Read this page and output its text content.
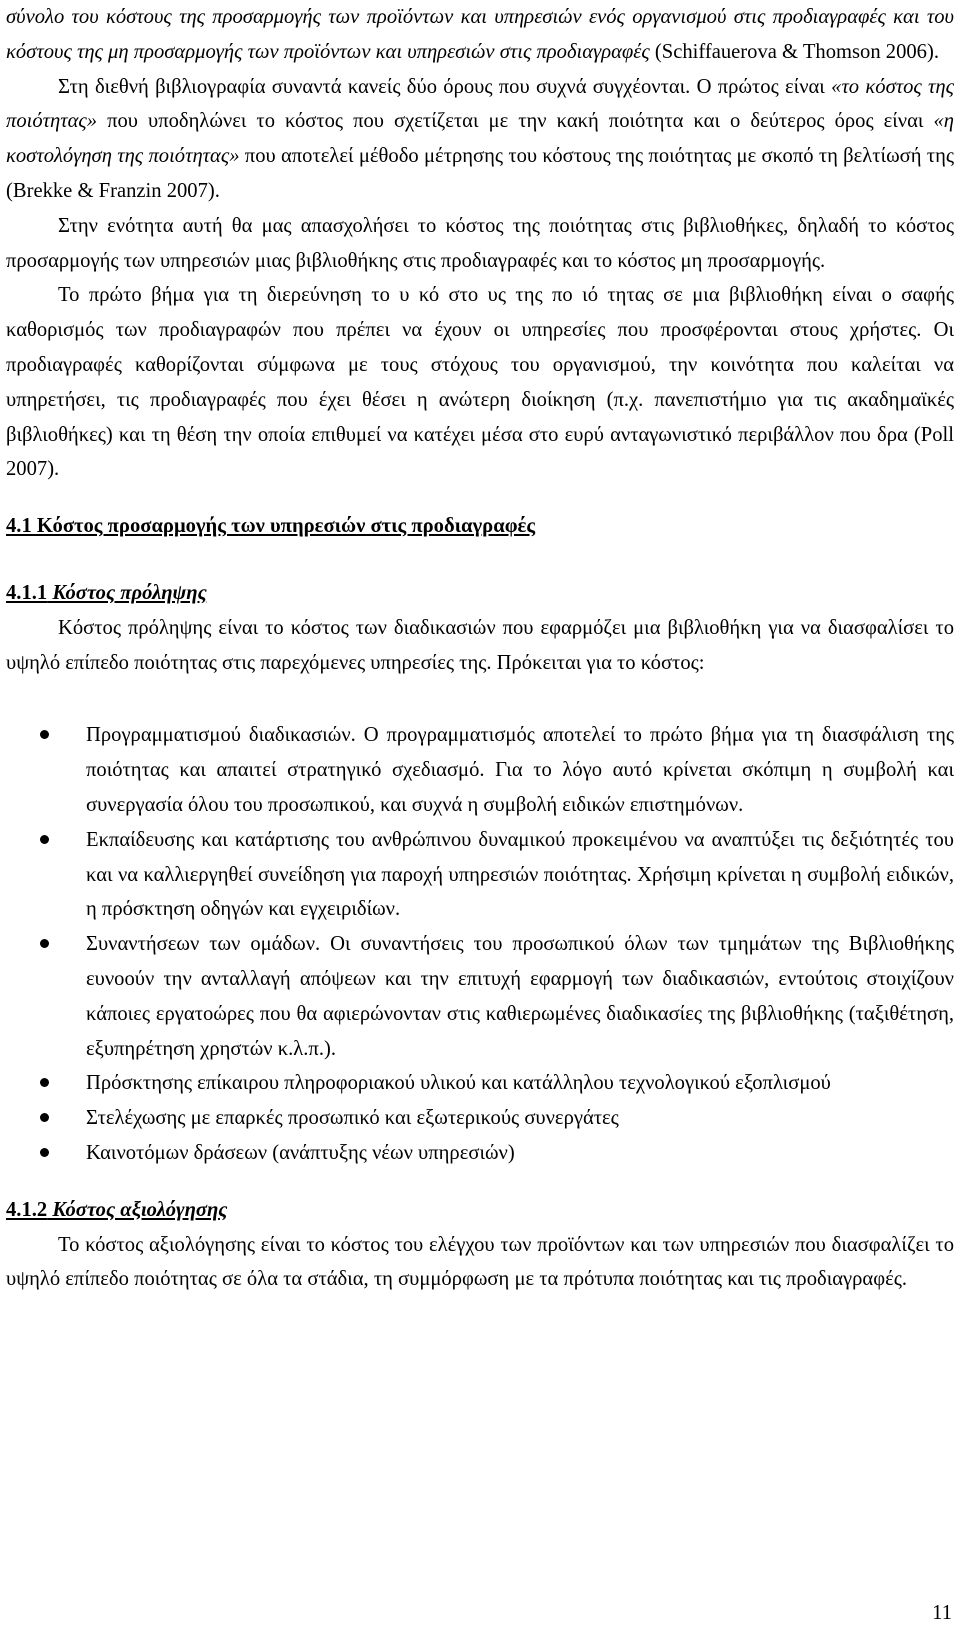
σύνολο του κόστους της προσαρμογής των προϊόντων και υπηρεσιών ενός οργανισμού στις προδιαγραφές και του κόστους της μη προσαρμογής των προϊόντων και υπηρεσιών στις προδιαγραφές (Schiffauerova & Thomson 2006).

Στη διεθνή βιβλιογραφία συναντά κανείς δύο όρους που συχνά συγχέονται. Ο πρώτος είναι «το κόστος της ποιότητας» που υποδηλώνει το κόστος που σχετίζεται με την κακή ποιότητα και ο δεύτερος όρος είναι «η κοστολόγηση της ποιότητας» που αποτελεί μέθοδο μέτρησης του κόστους της ποιότητας με σκοπό τη βελτίωσή της (Brekke & Franzin 2007).

Στην ενότητα αυτή θα μας απασχολήσει το κόστος της ποιότητας στις βιβλιοθήκες, δηλαδή το κόστος προσαρμογής των υπηρεσιών μιας βιβλιοθήκης στις προδιαγραφές και το κόστος μη προσαρμογής.

Το πρώτο βήμα για τη διερεύνηση το υ κό στο υς της πο ιό τητας σε μια βιβλιοθήκη είναι ο σαφής καθορισμός των προδιαγραφών που πρέπει να έχουν οι υπηρεσίες που προσφέρονται στους χρήστες. Οι προδιαγραφές καθορίζονται σύμφωνα με τους στόχους του οργανισμού, την κοινότητα που καλείται να υπηρετήσει, τις προδιαγραφές που έχει θέσει η ανώτερη διοίκηση (π.χ. πανεπιστήμιο για τις ακαδημαϊκές βιβλιοθήκες) και τη θέση την οποία επιθυμεί να κατέχει μέσα στο ευρύ ανταγωνιστικό περιβάλλον που δρα (Poll 2007).

4.1 Κόστος προσαρμογής των υπηρεσιών στις προδιαγραφές
4.1.1 Κόστος πρόληψης

Κόστος πρόληψης είναι το κόστος των διαδικασιών που εφαρμόζει μια βιβλιοθήκη για να διασφαλίσει το υψηλό επίπεδο ποιότητας στις παρεχόμενες υπηρεσίες της. Πρόκειται για το κόστος:

Προγραμματισμού διαδικασιών. Ο προγραμματισμός αποτελεί το πρώτο βήμα για τη διασφάλιση της ποιότητας και απαιτεί στρατηγικό σχεδιασμό. Για το λόγο αυτό κρίνεται σκόπιμη η συμβολή και συνεργασία όλου του προσωπικού, και συχνά η συμβολή ειδικών επιστημόνων.
Εκπαίδευσης και κατάρτισης του ανθρώπινου δυναμικού προκειμένου να αναπτύξει τις δεξιότητές του και να καλλιεργηθεί συνείδηση για παροχή υπηρεσιών ποιότητας. Χρήσιμη κρίνεται η συμβολή ειδικών, η πρόσκτηση οδηγών και εγχειριδίων.
Συναντήσεων των ομάδων. Οι συναντήσεις του προσωπικού όλων των τμημάτων της Βιβλιοθήκης ευνοούν την ανταλλαγή απόψεων και την επιτυχή εφαρμογή των διαδικασιών, εντούτοις στοιχίζουν κάποιες εργατοώρες που θα αφιερώνονταν στις καθιερωμένες διαδικασίες της βιβλιοθήκης (ταξιθέτηση, εξυπηρέτηση χρηστών κ.λ.π.).
Πρόσκτησης επίκαιρου πληροφοριακού υλικού και κατάλληλου τεχνολογικού εξοπλισμού
Στελέχωσης με επαρκές προσωπικό και εξωτερικούς συνεργάτες
Καινοτόμων δράσεων (ανάπτυξης νέων υπηρεσιών)
4.1.2 Κόστος αξιολόγησης

Το κόστος αξιολόγησης είναι το κόστος του ελέγχου των προϊόντων και των υπηρεσιών που διασφαλίζει το υψηλό επίπεδο ποιότητας σε όλα τα στάδια, τη συμμόρφωση με τα πρότυπα ποιότητας και τις προδιαγραφές.

11
